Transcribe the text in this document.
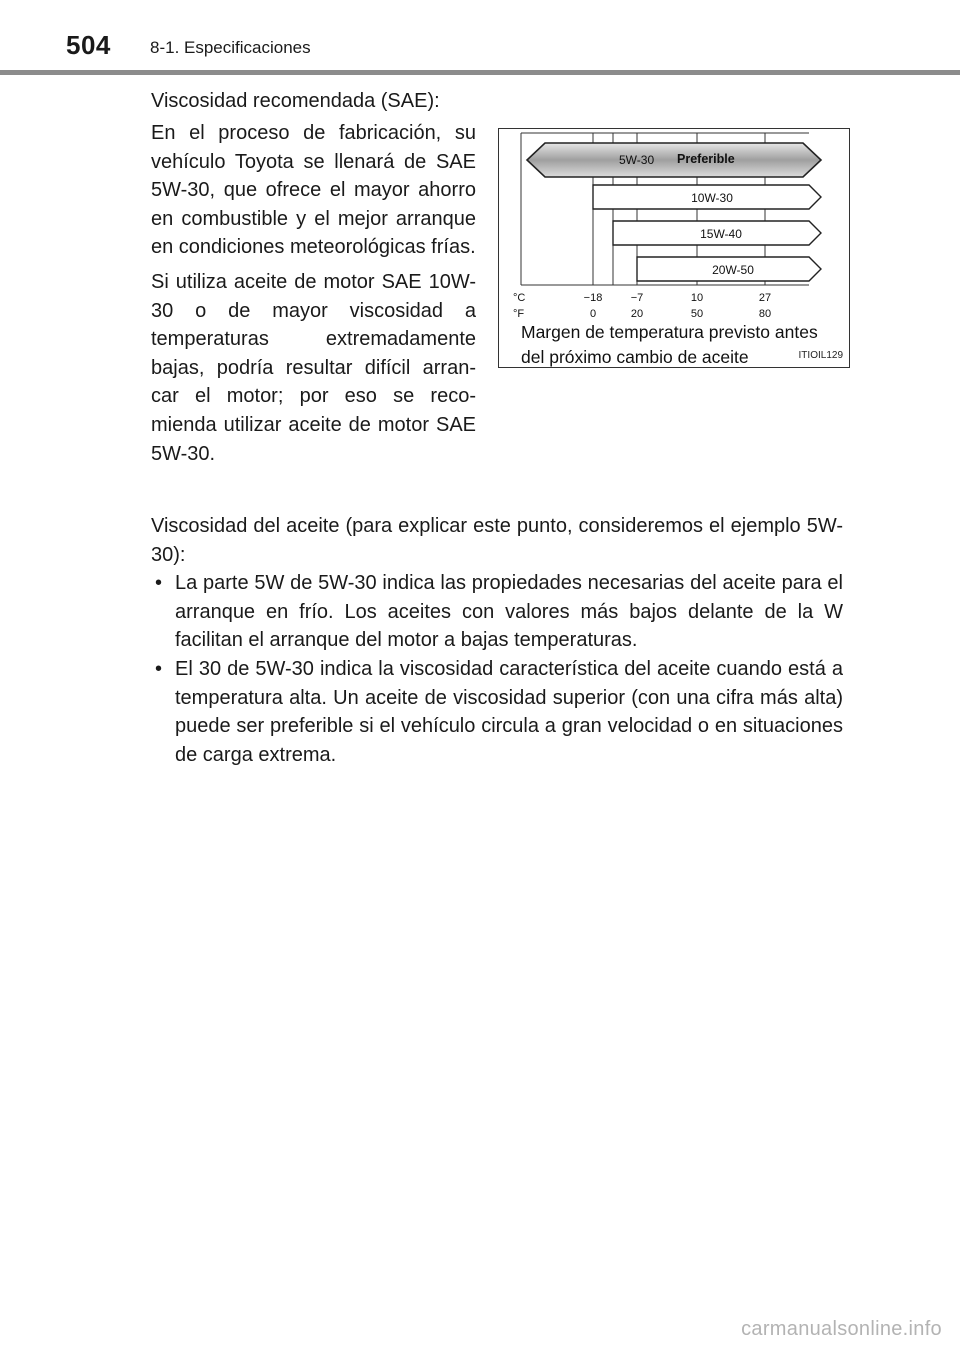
504 8-1. Especificaciones
Viscosidad recomendada (SAE):

En el proceso de fabricación, su vehículo Toyota se llenará de SAE 5W-30, que ofrece el mayor ahorro en combustible y el mejor arranque en condiciones meteorológicas frías.

Si utiliza aceite de motor SAE 10W-30 o de mayor viscosidad a temperaturas extremadamente bajas, podría resultar difícil arran-car el motor; por eso se reco-mienda utilizar aceite de motor SAE 5W-30.

5W-30 Preferible
10W-30
15W-40
20W-50
°C
°F
−18	−7	10	27
0	20	50	80
Margen de temperatura previsto antes
del próximo cambio de aceite	ITIOIL129

Viscosidad del aceite (para explicar este punto, consideremos el ejemplo 5W-30):

• La parte 5W de 5W-30 indica las propiedades necesarias del aceite para el arranque en frío. Los aceites con valores más bajos delante de la W facilitan el arranque del motor a bajas temperaturas.
• El 30 de 5W-30 indica la viscosidad característica del aceite cuando está a temperatura alta. Un aceite de viscosidad superior (con una cifra más alta) puede ser preferible si el vehículo circula a gran velocidad o en situaciones de carga extrema.
carmanualsonline.info
